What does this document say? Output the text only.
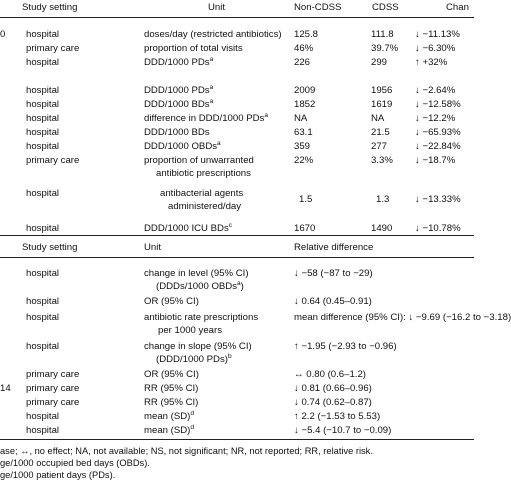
Study setting	Unit	Non-CDSS	CDSS	Chan
0 hospital	doses/day (restricted antibiotics) 125.8	111.8 ↓ −11.13%
primary care	proportion of total visits	46%	39.7% ↓ −6.30%
hospital	DDD/1000 PDs$^a$	226	299	↑ +32%
hospital	DDD/1000 PDs$^a$	2009	1956 ↓ −2.64%
hospital	DDD/1000 BDs$^a$	1852	1619 ↓ −12.58%
hospital	difference in DDD/1000 PDs$^a$	NA	NA	↓ −12.2%
hospital	DDD/1000 BDs	63.1	21.5	↓ −65.93%
hospital	DDD/1000 OBDs$^a$	359	277	↓ −22.84%
primary care	proportion of unwarranted
antibiotic prescriptions
22%	3.3% ↓ −18.7%
hospital	antibacterial agents
administered/day
1.5	1.3	↓ −13.33%
hospital	DDD/1000 ICU BDs$^c$	1670	1490 ↓ −10.78%
Study setting	Unit	Relative difference
hospital	change in level (95% CI)
(DDDs/1000 OBDs$^a$)
↓ −58 (−87 to −29)
hospital	OR (95% CI)	↓ 0.64 (0.45–0.91)
hospital	antibiotic rate prescriptions
per 1000 years
mean difference (95% CI): ↓ −9.69 (−16.2 to −3.18)
hospital	change in slope (95% CI)
(DDD/1000 PDs)$^b$
↑ −1.95 (−2.93 to −0.96)
primary care	OR (95% CI)	↔ 0.80 (0.6–1.2)
14 primary care	RR (95% CI)	↓ 0.81 (0.66–0.96)
primary care	RR (95% CI)	↓ 0.74 (0.62–0.87)
hospital	mean (SD)$^d$	↑ 2.2 (−1.53 to 5.53)
hospital	mean (SD)$^d$	↓ −5.4 (−10.7 to −0.09)
ase; ↔, no effect; NA, not available; NS, not significant; NR, not reported; RR, relative risk.
ge/1000 occupied bed days (OBDs).
ge/1000 patient days (PDs).
